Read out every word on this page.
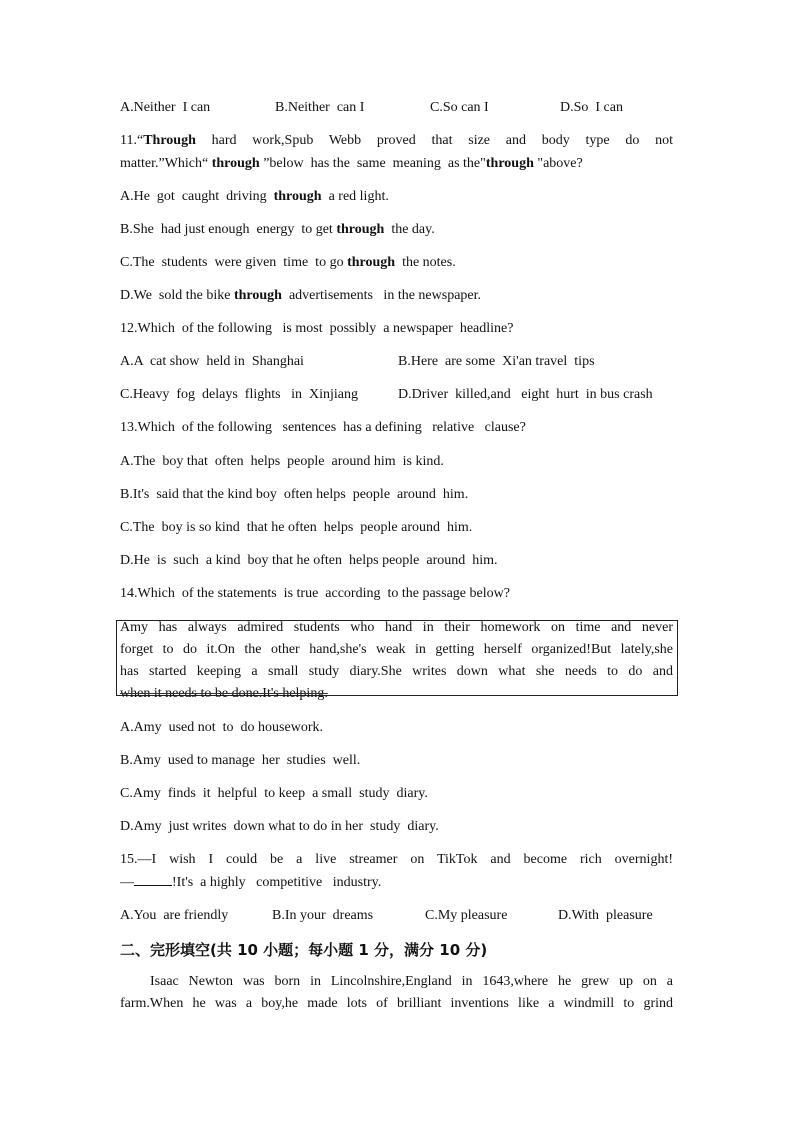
A.Neither  I can	B.Neither  can I	C.So can I	D.So  I can
11.“Through hard work,Spub Webb proved that size and body type do not
matter.”Which“ through ”below  has the  same  meaning  as the"through "above?
A.He  got  caught  driving  through  a red light.
B.She  had just enough  energy  to get through  the day.
C.The  students  were given  time  to go through  the notes.
D.We  sold the bike through  advertisements   in the newspaper.
12.Which  of the following   is most  possibly  a newspaper  headline?
A.A  cat show  held in  Shanghai	B.Here  are some  Xi'an travel  tips
C.Heavy  fog  delays  flights   in  Xinjiang	D.Driver  killed,and   eight  hurt  in bus crash
13.Which  of the following   sentences  has a defining   relative   clause?
A.The  boy that  often  helps  people  around him  is kind.
B.It's  said that the kind boy  often helps  people  around  him.
C.The  boy is so kind  that he often  helps  people around  him.
D.He  is  such  a kind  boy that he often  helps people  around  him.
14.Which  of the statements  is true  according  to the passage below?
Amy has always admired students who hand in their homework on time and never
forget to do it.On the other hand,she's weak in getting herself organized!But lately,she
has started keeping a small study diary.She writes down what she needs to do and
when it needs to be done.It's helping.
A.Amy  used not  to  do housework.
B.Amy  used to manage  her  studies  well.
C.Amy  finds  it  helpful  to keep  a small  study  diary.
D.Amy  just writes  down what to do in her  study  diary.
15.—I wish I could be a live streamer on TikTok and become rich overnight!
—	!It's  a highly   competitive   industry.
A.You  are friendly	B.In your  dreams	C.My pleasure	D.With  pleasure
二、完形填空(共 10 小题；每小题 1 分，满分 10 分)
Isaac Newton was born in Lincolnshire,England in 1643,where he grew up on a
farm.When he was a boy,he made lots of brilliant inventions like a windmill to grind
